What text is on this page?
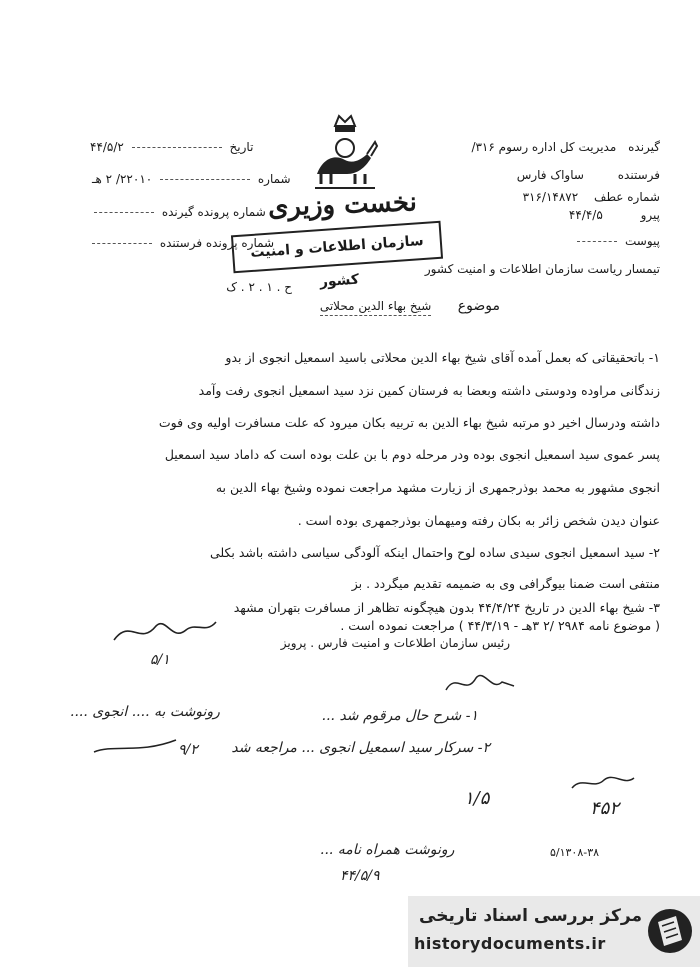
تاریخ  ۴۴/۵/۲
شماره  ۲۲۰۱۰/ ۲ هـ
شماره پرونده گیرنده
شماره پرونده فرستنده
نخست وزیری
گیرنده مدیریت کل اداره رسوم ۳۱۶/
فرستنده ساواک فارس
شماره عطف ۳۱۶/۱۴۸۷۲
پیرو ۴۴/۴/۵
پیوست
سازمان اطلاعات و امنیت کشور
تیمسار ریاست سازمان اطلاعات و امنیت کشور
ح . ۱ . ۲ . ک
موضوع شیخ بهاء الدین محلاتی
۱- باتحقیقاتی که بعمل آمده آقای شیخ بهاء الدین محلاتی باسید اسمعیل انجوی از بدو
زندگانی مراوده ودوستی داشته وبعضا به فرستان کمین نزد سید اسمعیل انجوی رفت وآمد
داشته ودرسال اخیر دو مرتبه شیخ بهاء الدین به تربیه بکان میرود که علت مسافرت اولیه وی فوت
پسر عموی سید اسمعیل انجوی بوده ودر مرحله دوم با بن علت بوده است که داماد سید اسمعیل
انجوی مشهور به محمد بوذرجمهری از زیارت مشهد مراجعت نموده وشیخ بهاء الدین به
عنوان دیدن شخص زائر به بکان رفته ومیهمان بوذرجمهری بوده است .
۲- سید اسمعیل انجوی سیدی ساده لوح واحتمال اینکه آلودگی سیاسی داشته باشد بکلی
منتفی است ضمنا بیوگرافی وی به ضمیمه تقدیم میگردد . بز
۳- شیخ بهاء الدین در تاریخ ۴۴/۴/۲۴ بدون هیچگونه تظاهر از مسافرت بتهران مشهد
( موضوع نامه ۲۹۸۴ /۲ ۳هـ - ۴۴/۳/۱۹ ) مراجعت نموده است .
رئیس سازمان اطلاعات و امنیت فارس . پرویز
۵/۱
۱- شرح حال مرقوم شد ...
رونوشت به .... انجوی ....
۲- سرکار سید اسمعیل انجوی ... مراجعه شد
۹/۲
۱/۵	۴۵۲
۵/۱۳۰۸-۳۸
رونوشت همراه نامه ...
۴۴/۵/۹
مرکز بررسی اسناد تاریخی
historydocuments.ir
